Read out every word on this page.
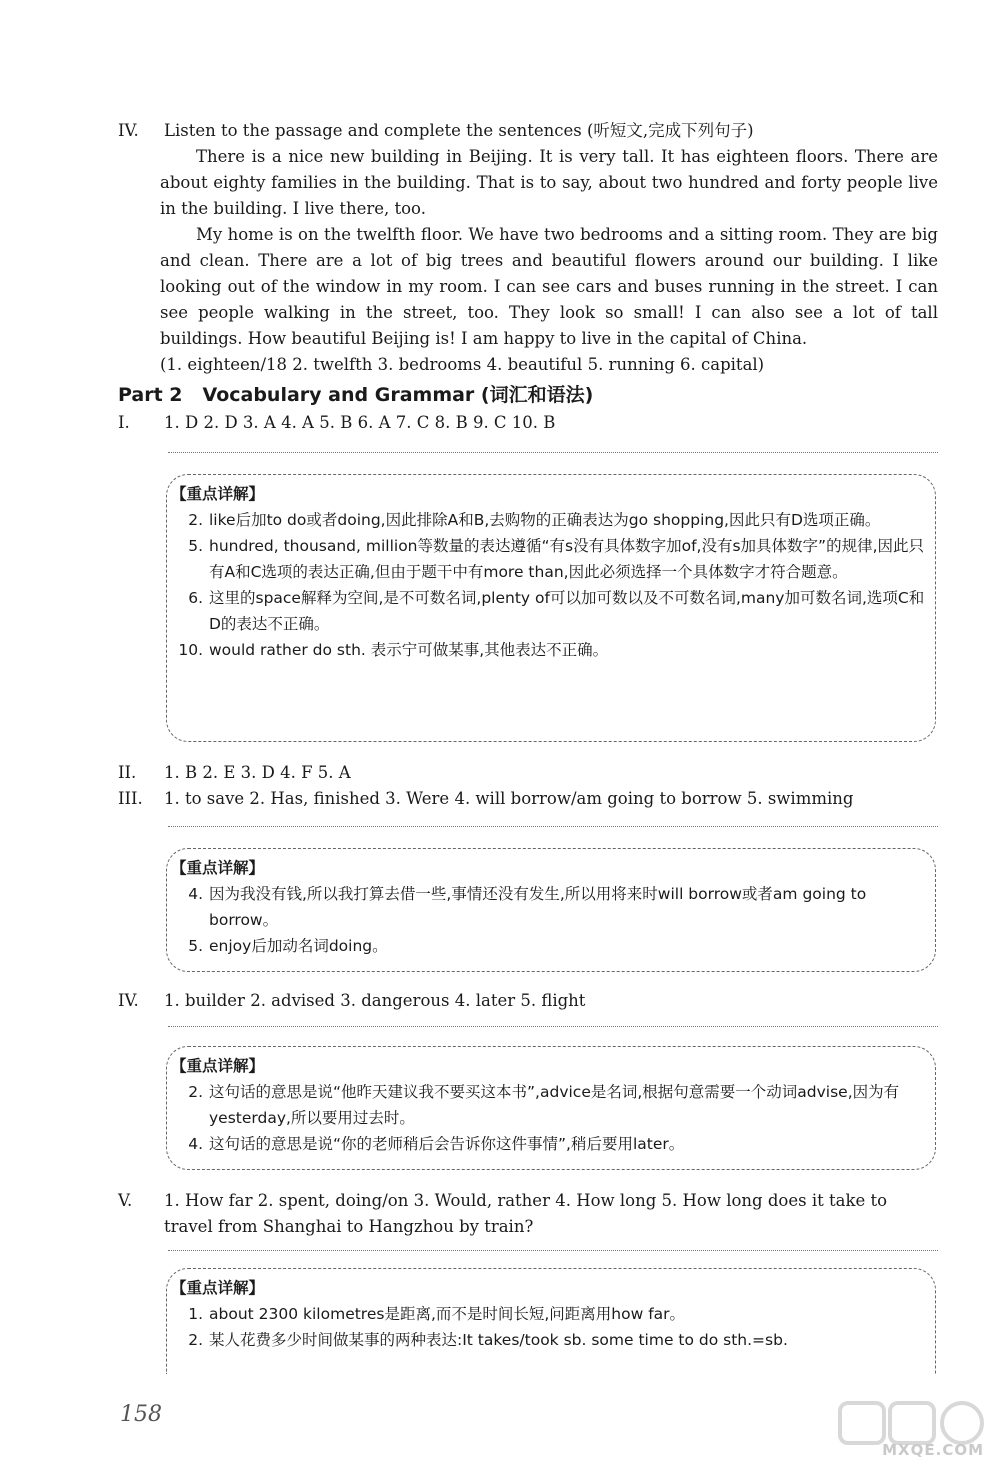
IV.	Listen to the passage and complete the sentences (听短文,完成下列句子)

There is a nice new building in Beijing. It is very tall. It has eighteen floors. There are about eighty families in the building. That is to say, about two hundred and forty people live in the building. I live there, too.

My home is on the twelfth floor. We have two bedrooms and a sitting room. They are big and clean. There are a lot of big trees and beautiful flowers around our building. I like looking out of the window in my room. I can see cars and buses running in the street. I can see people walking in the street, too. They look so small! I can also see a lot of tall buildings. How beautiful Beijing is! I am happy to live in the capital of China.

(1. eighteen/18 2. twelfth 3. bedrooms 4. beautiful 5. running 6. capital)
Part 2 Vocabulary and Grammar (词汇和语法)
I.	1. D 2. D 3. A 4. A 5. B 6. A 7. C 8. B 9. C 10. B
【重点详解】
2. like后加to do或者doing,因此排除A和B,去购物的正确表达为go shopping,因此只有D选项正确。
5. hundred, thousand, million等数量的表达遵循“有s没有具体数字加of,没有s加具体数字”的规律,因此只有A和C选项的表达正确,但由于题干中有more than,因此必须选择一个具体数字才符合题意。
6. 这里的space解释为空间,是不可数名词,plenty of可以加可数以及不可数名词,many加可数名词,选项C和D的表达不正确。
10. would rather do sth. 表示宁可做某事,其他表达不正确。
II.	1. B 2. E 3. D 4. F 5. A
III.	1. to save 2. Has, finished 3. Were 4. will borrow/am going to borrow 5. swimming
【重点详解】
4. 因为我没有钱,所以我打算去借一些,事情还没有发生,所以用将来时will borrow或者am going to borrow。
5. enjoy后加动名词doing。
IV.	1. builder 2. advised 3. dangerous 4. later 5. flight
【重点详解】
2. 这句话的意思是说“他昨天建议我不要买这本书”,advice是名词,根据句意需要一个动词advise,因为有yesterday,所以要用过去时。
4. 这句话的意思是说“你的老师稍后会告诉你这件事情”,稍后要用later。
V.	1. How far 2. spent, doing/on 3. Would, rather 4. How long 5. How long does it take to travel from Shanghai to Hangzhou by train?
【重点详解】
1. about 2300 kilometres是距离,而不是时间长短,问距离用how far。
2. 某人花费多少时间做某事的两种表达:It takes/took sb. some time to do sth.=sb.
158
MXQE.COM
